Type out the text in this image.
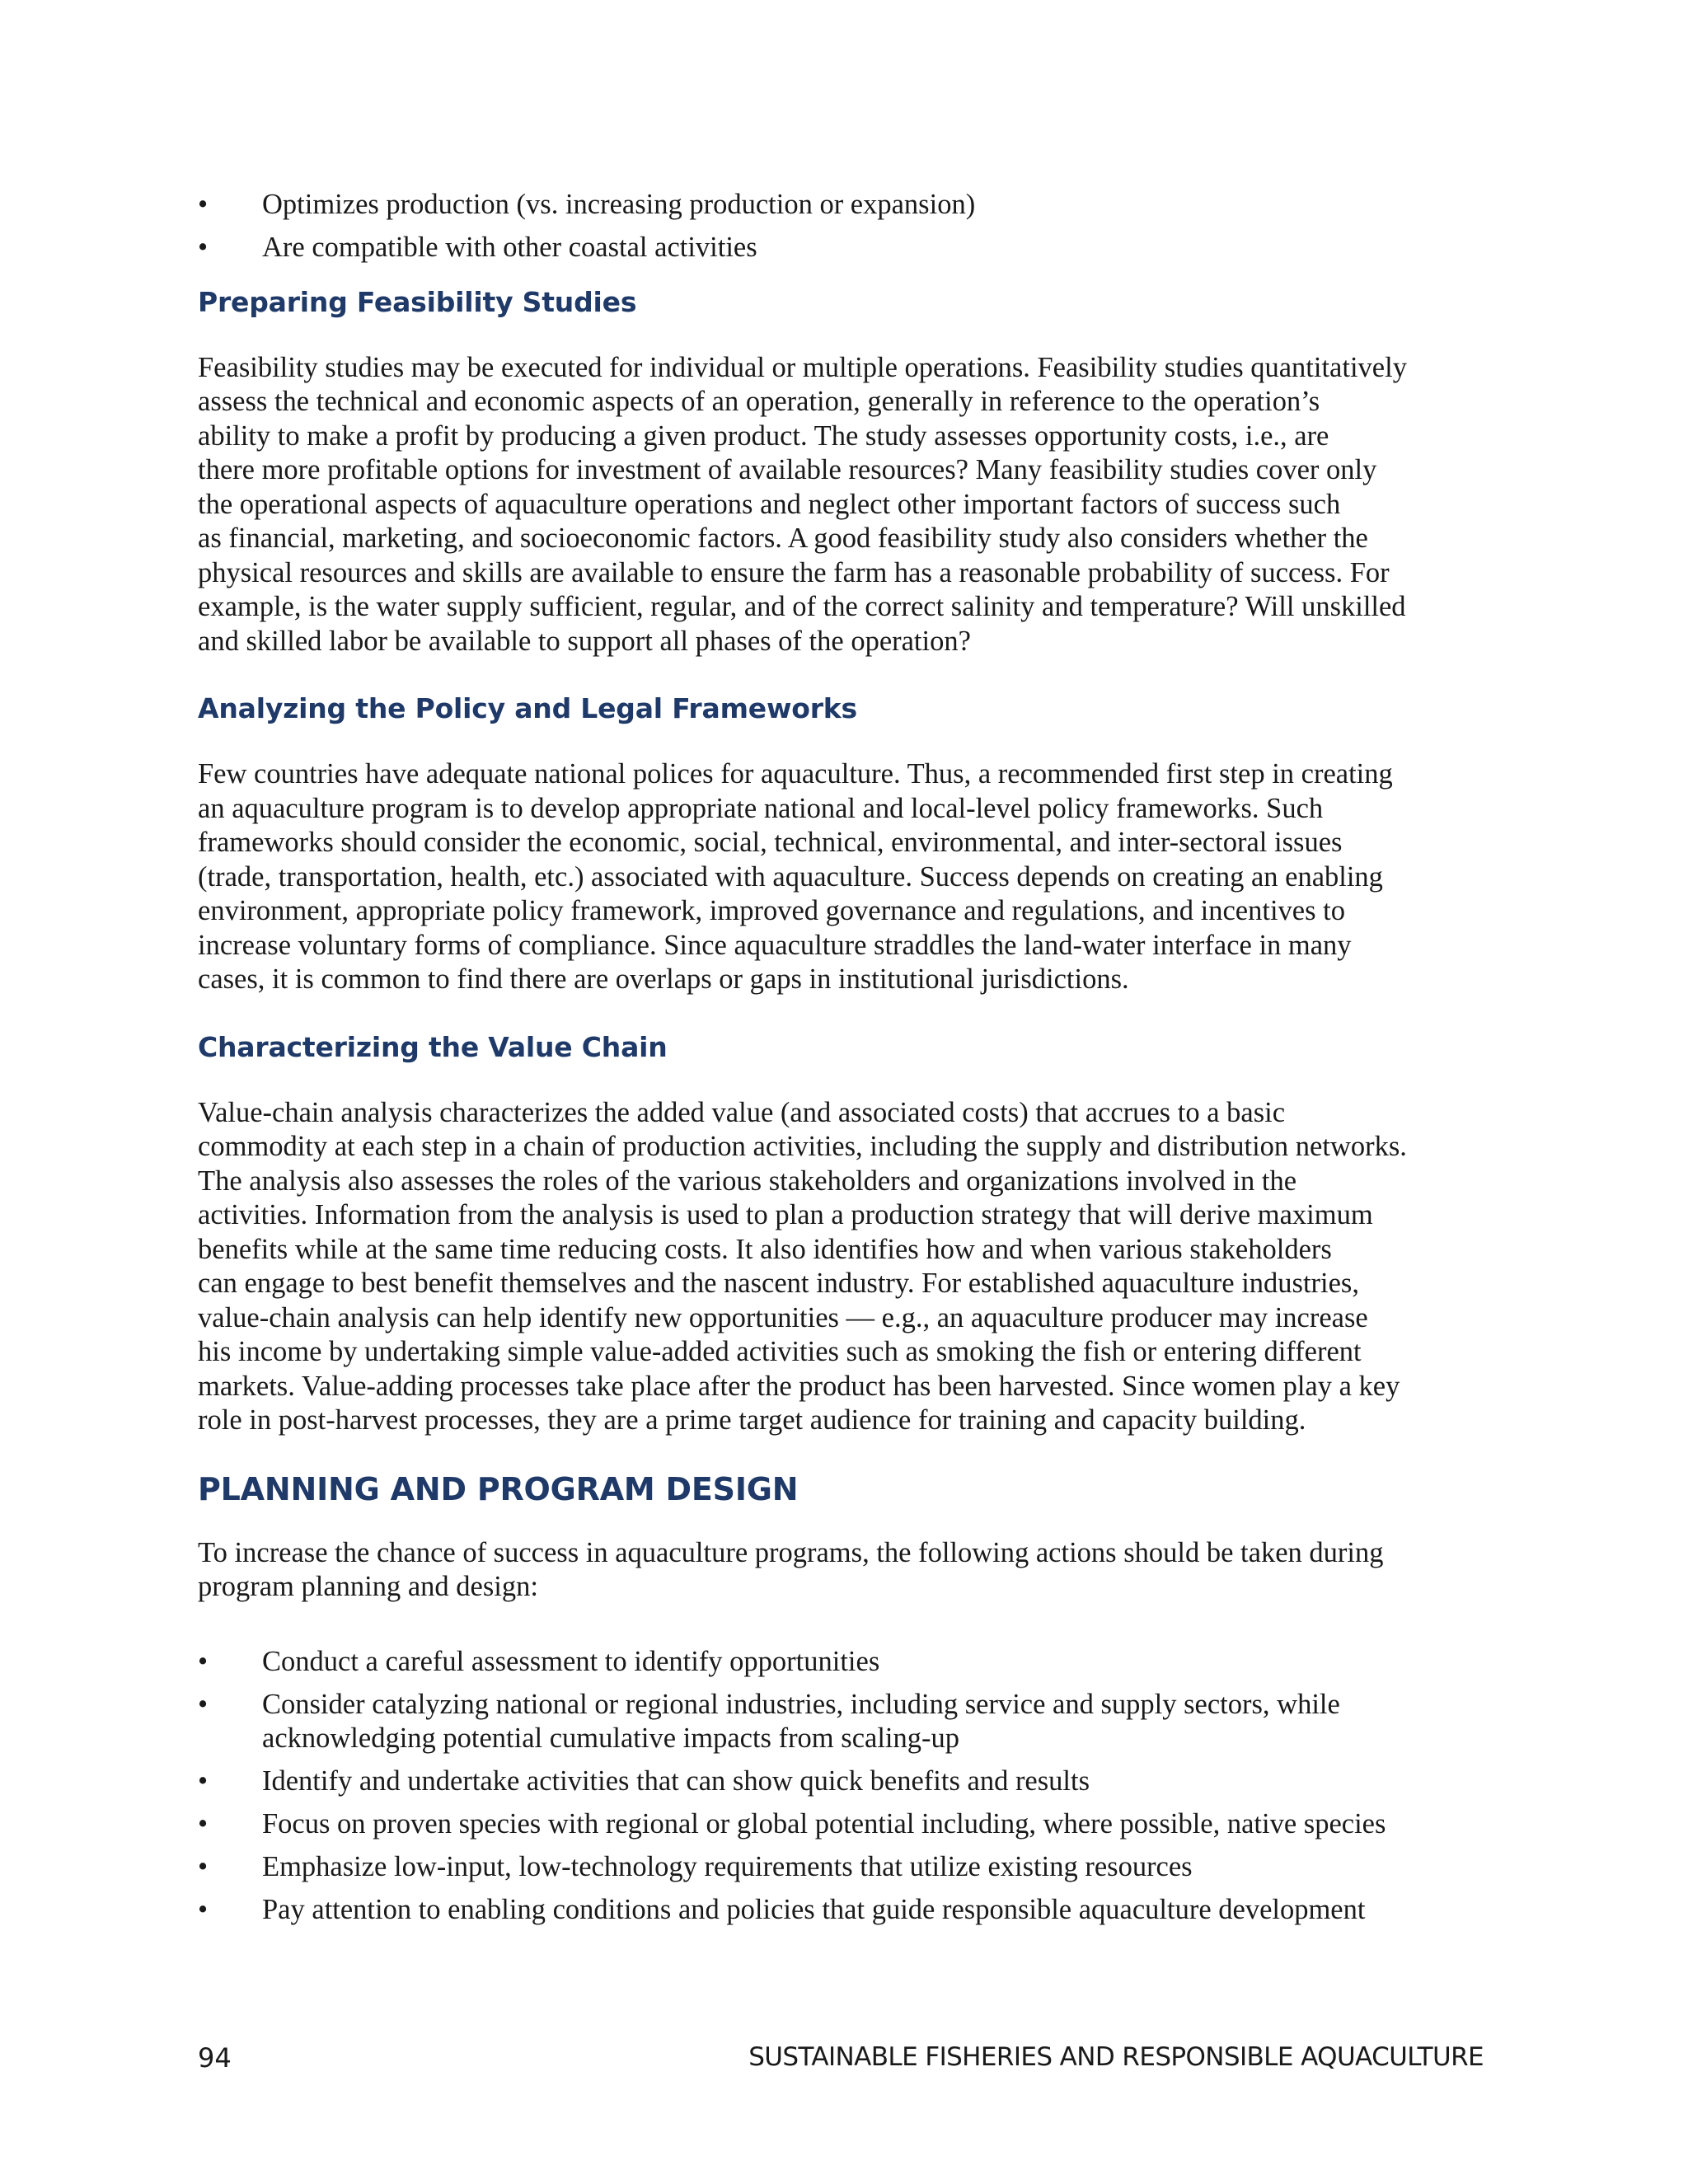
• Optimizes production (vs. increasing production or expansion)
• Are compatible with other coastal activities
Preparing Feasibility Studies

Feasibility studies may be executed for individual or multiple operations. Feasibility studies quantitatively
assess the technical and economic aspects of an operation, generally in reference to the operation’s
ability to make a profit by producing a given product. The study assesses opportunity costs, i.e., are
there more profitable options for investment of available resources? Many feasibility studies cover only
the operational aspects of aquaculture operations and neglect other important factors of success such
as financial, marketing, and socioeconomic factors. A good feasibility study also considers whether the
physical resources and skills are available to ensure the farm has a reasonable probability of success. For
example, is the water supply sufficient, regular, and of the correct salinity and temperature? Will unskilled
and skilled labor be available to support all phases of the operation?

Analyzing the Policy and Legal Frameworks

Few countries have adequate national polices for aquaculture. Thus, a recommended first step in creating
an aquaculture program is to develop appropriate national and local-level policy frameworks. Such
frameworks should consider the economic, social, technical, environmental, and inter-sectoral issues
(trade, transportation, health, etc.) associated with aquaculture. Success depends on creating an enabling
environment, appropriate policy framework, improved governance and regulations, and incentives to
increase voluntary forms of compliance. Since aquaculture straddles the land-water interface in many
cases, it is common to find there are overlaps or gaps in institutional jurisdictions.

Characterizing the Value Chain

Value-chain analysis characterizes the added value (and associated costs) that accrues to a basic
commodity at each step in a chain of production activities, including the supply and distribution networks.
The analysis also assesses the roles of the various stakeholders and organizations involved in the
activities. Information from the analysis is used to plan a production strategy that will derive maximum
benefits while at the same time reducing costs. It also identifies how and when various stakeholders
can engage to best benefit themselves and the nascent industry. For established aquaculture industries,
value-chain analysis can help identify new opportunities — e.g., an aquaculture producer may increase
his income by undertaking simple value-added activities such as smoking the fish or entering different
markets. Value-adding processes take place after the product has been harvested. Since women play a key
role in post-harvest processes, they are a prime target audience for training and capacity building.

PLANNING AND PROGRAM DESIGN

To increase the chance of success in aquaculture programs, the following actions should be taken during
program planning and design:

• Conduct a careful assessment to identify opportunities
• Consider catalyzing national or regional industries, including service and supply sectors, while acknowledging potential cumulative impacts from scaling-up
• Identify and undertake activities that can show quick benefits and results
• Focus on proven species with regional or global potential including, where possible, native species
• Emphasize low-input, low-technology requirements that utilize existing resources
• Pay attention to enabling conditions and policies that guide responsible aquaculture development
94	SUSTAINABLE FISHERIES AND RESPONSIBLE AQUACULTURE
